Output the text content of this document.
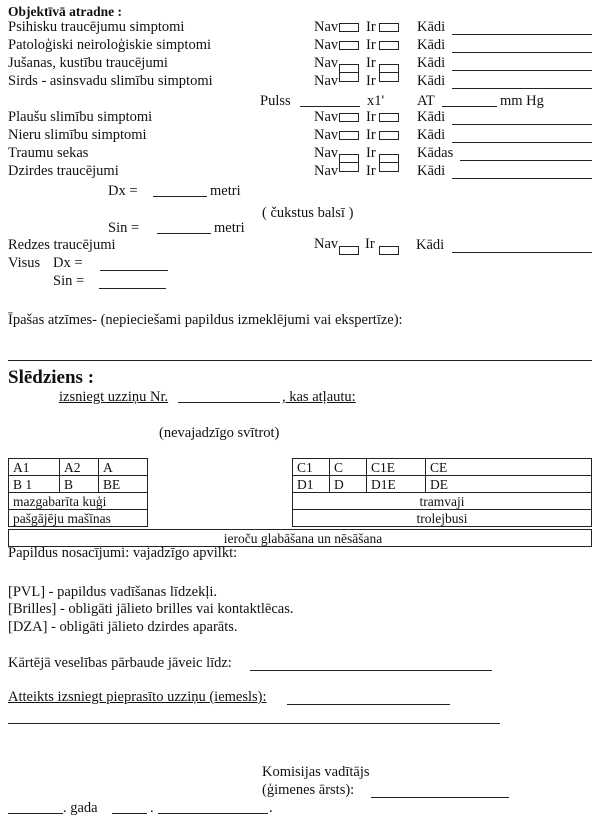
Objektīvā atradne :
Psihisku traucējumu simptomi	Nav Ir	Kādi
Patoloģiski neiroloģiskie simptomi	Nav Ir	Kādi
Jušanas, kustību traucējumi	Nav Ir	Kādi
Sirds - asinsvadu slimību simptomi	Nav Ir	Kādi
Plaušu slimību simptomi	Nav Ir	Kādi
Nieru slimību simptomi	Nav Ir	Kādi
Traumu sekas	Nav Ir	Kādas
Dzirdes traucējumi	Nav Ir	Kādi
Pulss	x1' AT	mm Hg
Dx =	metri
( čukstus balsī )
Sin =	metri
Redzes traucējumi	Nav Ir	Kādi
Visus Dx =
Sin =
Īpašas atzīmes- (nepieciešami papildus izmeklējumi vai ekspertīze):
Slēdziens :
izsniegt uzziņu Nr.	, kas atļautu:
(nevajadzīgo svītrot)
A1	A2	A
B 1	B	BE
mazgabarīta kuģi		
pašgājēju mašīnas		
C1	C	C1E	CE
D1	D	D1E	DE
tramvaji			
trolejbusi			
ieroču glabāšana un nēsāšana
Papildus nosacījumi: vajadzīgo apvilkt:
[PVL] - papildus vadīšanas līdzekļi.
[Brilles] - obligāti jālieto brilles vai kontaktlēcas.
[DZA] - obligāti jālieto dzirdes aparāts.
Kārtējā veselības pārbaude jāveic līdz:
Atteikts izsniegt pieprasīto uzziņu (iemesls):
Komisijas vadītājs
(ģimenes ārsts):
. gada	.	.
